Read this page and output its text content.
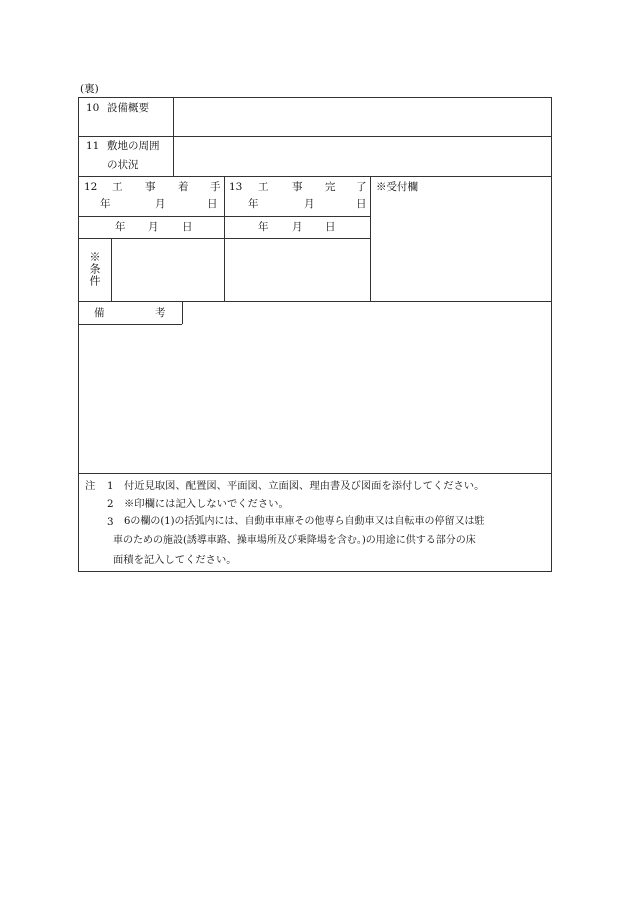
(裏)
10 設備概要
11 敷地の周囲
の状況
12 工 事 着 手
年	月	日
年 月 日
13 工 事 完 了
年	月	日
年 月 日
※受付欄
※条件
備	考
注 1 付近見取図、配置図、平面図、立面図、理由書及び図面を添付してください。
2 ※印欄には記入しないでください。
3 6の欄の(1)の括弧内には、自動車車庫その他専ら自動車又は自転車の停留又は駐
車のための施設(誘導車路、操車場所及び乗降場を含む。)の用途に供する部分の床
面積を記入してください。
